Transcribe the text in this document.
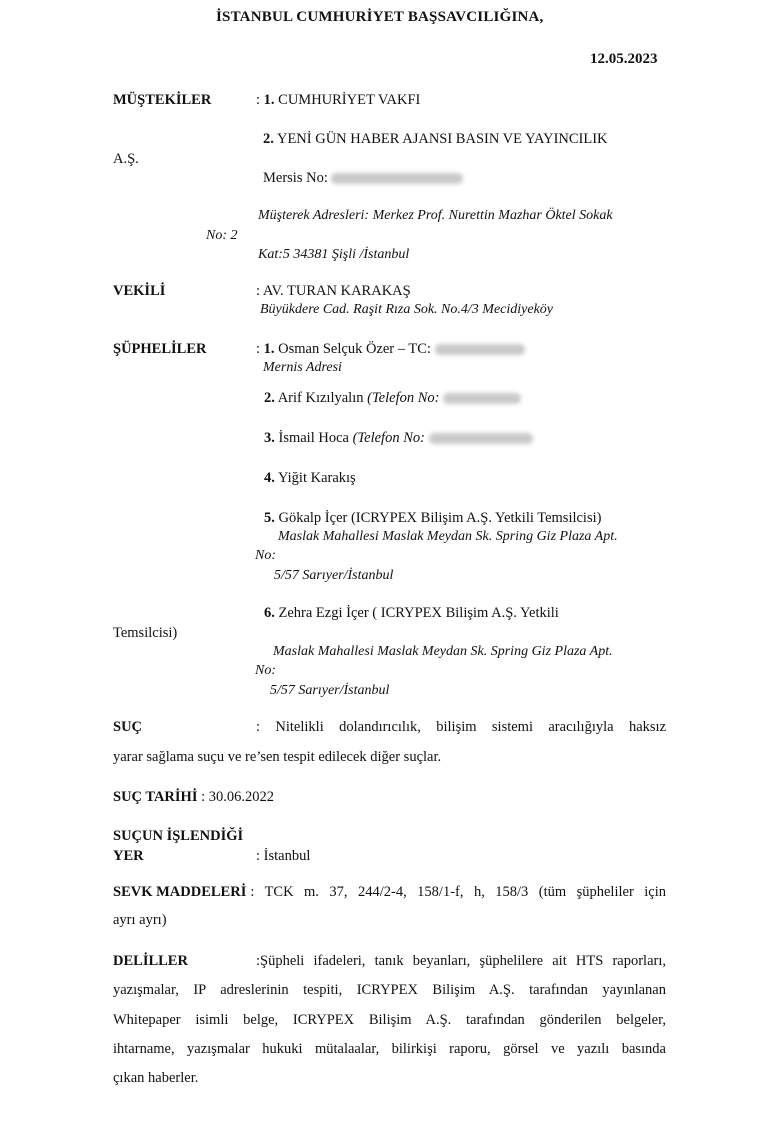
İSTANBUL CUMHURİYET BAŞSAVCILIĞINA,
12.05.2023
MÜŞTEKİLER	: 1. CUMHURİYET VAKFI
2. YENİ GÜN HABER AJANSI BASIN VE YAYINCILIK
A.Ş.
Mersis No:
Müşterek Adresleri: Merkez Prof. Nurettin Mazhar Öktel Sokak
No: 2
Kat:5 34381 Şişli /İstanbul
VEKİLİ	: AV. TURAN KARAKAŞ
Büyükdere Cad. Raşit Rıza Sok. No.4/3 Mecidiyeköy
ŞÜPHELİLER	: 1. Osman Selçuk Özer – TC:
Mernis Adresi
2. Arif Kızılyalın (Telefon No:
3. İsmail Hoca (Telefon No:
4. Yiğit Karakış
5. Gökalp İçer (ICRYPEX Bilişim A.Ş. Yetkili Temsilcisi)
Maslak Mahallesi Maslak Meydan Sk. Spring Giz Plaza Apt.
No:
5/57 Sarıyer/İstanbul
6. Zehra Ezgi İçer ( ICRYPEX Bilişim A.Ş. Yetkili
Temsilcisi)
Maslak Mahallesi Maslak Meydan Sk. Spring Giz Plaza Apt.
No:
5/57 Sarıyer/İstanbul
SUÇ	: Nitelikli dolandırıcılık, bilişim sistemi aracılığıyla haksız
yarar sağlama suçu ve re’sen tespit edilecek diğer suçlar.
SUÇ TARİHİ : 30.06.2022
SUÇUN İŞLENDİĞİ
YER	: İstanbul
SEVK MADDELERİ : TCK m. 37, 244/2-4, 158/1-f, h, 158/3 (tüm şüpheliler için
ayrı ayrı)
DELİLLER	:Şüpheli ifadeleri, tanık beyanları, şüphelilere ait HTS raporları,
yazışmalar, IP adreslerinin tespiti, ICRYPEX Bilişim A.Ş. tarafından yayınlanan
Whitepaper isimli belge, ICRYPEX Bilişim A.Ş. tarafından gönderilen belgeler,
ihtarname, yazışmalar hukuki mütalaalar, bilirkişi raporu, görsel ve yazılı basında
çıkan haberler.
